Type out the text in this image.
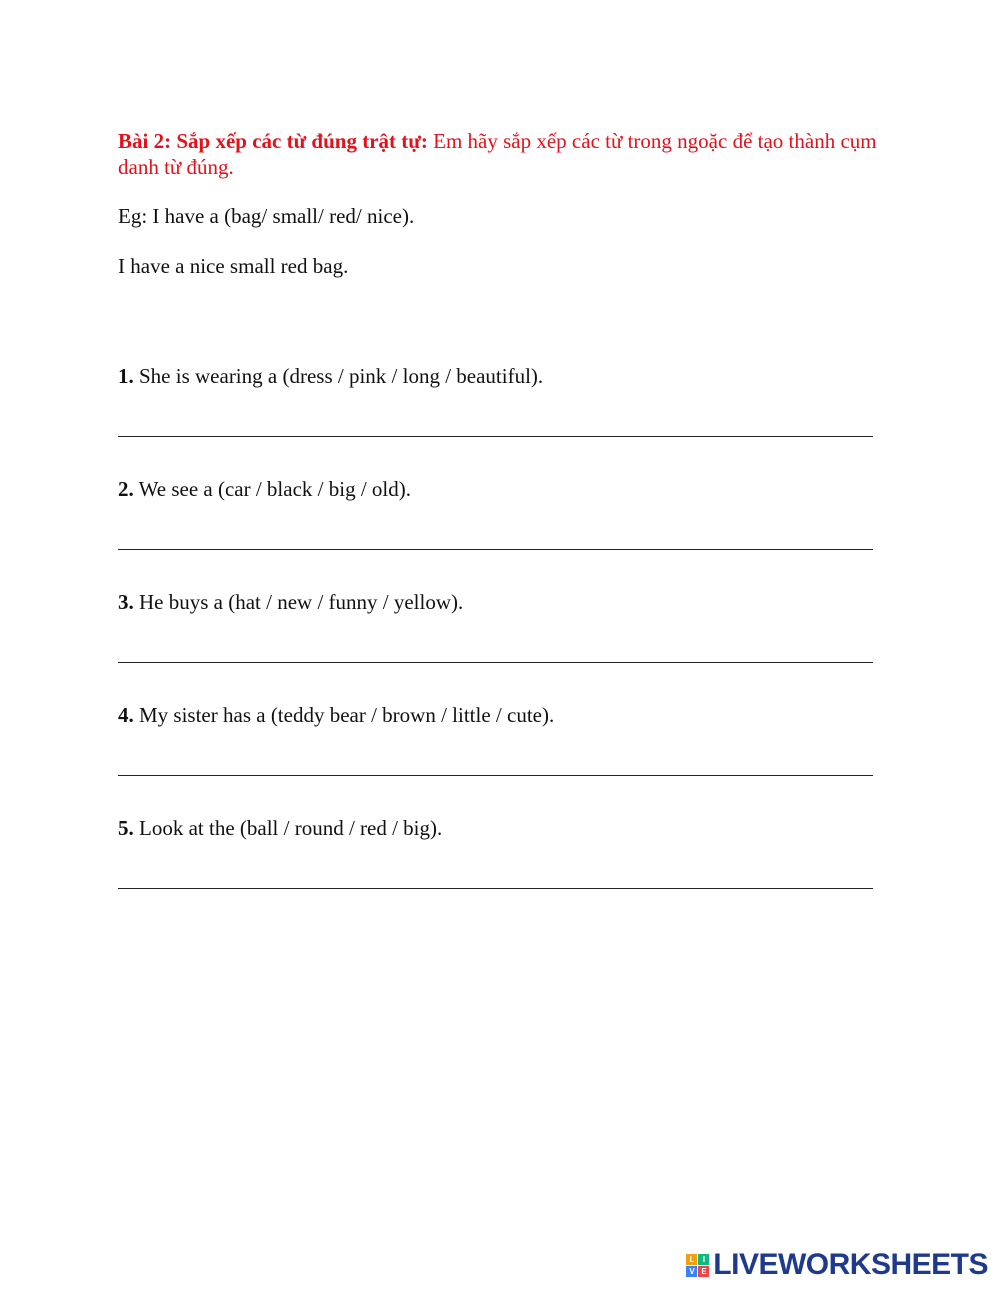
Bài 2: Sắp xếp các từ đúng trật tự: Em hãy sắp xếp các từ trong ngoặc để tạo thành cụm danh từ đúng.

Eg: I have a (bag/ small/ red/ nice).

I have a nice small red bag.

1. She is wearing a (dress / pink / long / beautiful).
2. We see a (car / black / big / old).
3. He buys a (hat / new / funny / yellow).
4. My sister has a (teddy bear / brown / little / cute).
5. Look at the (ball / round / red / big).
L	I
V E LIVEWORKSHEETS
